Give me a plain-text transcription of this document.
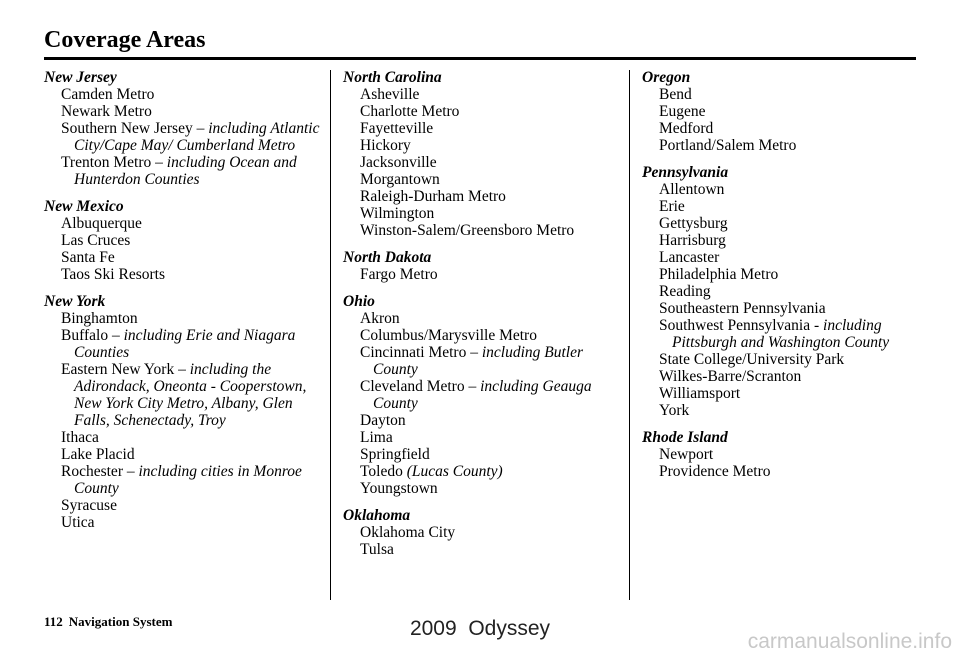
Coverage Areas
New Jersey
Camden Metro
Newark Metro
Southern New Jersey – including Atlantic City/Cape May/ Cumberland Metro
Trenton Metro – including Ocean and Hunterdon Counties
New Mexico
Albuquerque
Las Cruces
Santa Fe
Taos Ski Resorts
New York
Binghamton
Buffalo – including Erie and Niagara Counties
Eastern New York – including the Adirondack, Oneonta - Cooperstown, New York City Metro, Albany, Glen Falls, Schenectady, Troy
Ithaca
Lake Placid
Rochester – including cities in Monroe County
Syracuse
Utica
North Carolina
Asheville
Charlotte Metro
Fayetteville
Hickory
Jacksonville
Morgantown
Raleigh-Durham Metro
Wilmington
Winston-Salem/Greensboro Metro
North Dakota
Fargo Metro
Ohio
Akron
Columbus/Marysville Metro
Cincinnati Metro – including Butler County
Cleveland Metro – including Geauga County
Dayton
Lima
Springfield
Toledo (Lucas County)
Youngstown
Oklahoma
Oklahoma City
Tulsa
Oregon
Bend
Eugene
Medford
Portland/Salem Metro
Pennsylvania
Allentown
Erie
Gettysburg
Harrisburg
Lancaster
Philadelphia Metro
Reading
Southeastern Pennsylvania
Southwest Pennsylvania - including Pittsburgh and Washington County
State College/University Park
Wilkes-Barre/Scranton
Williamsport
York
Rhode Island
Newport
Providence Metro
112 Navigation System	2009  Odyssey
carmanualsonline.info
